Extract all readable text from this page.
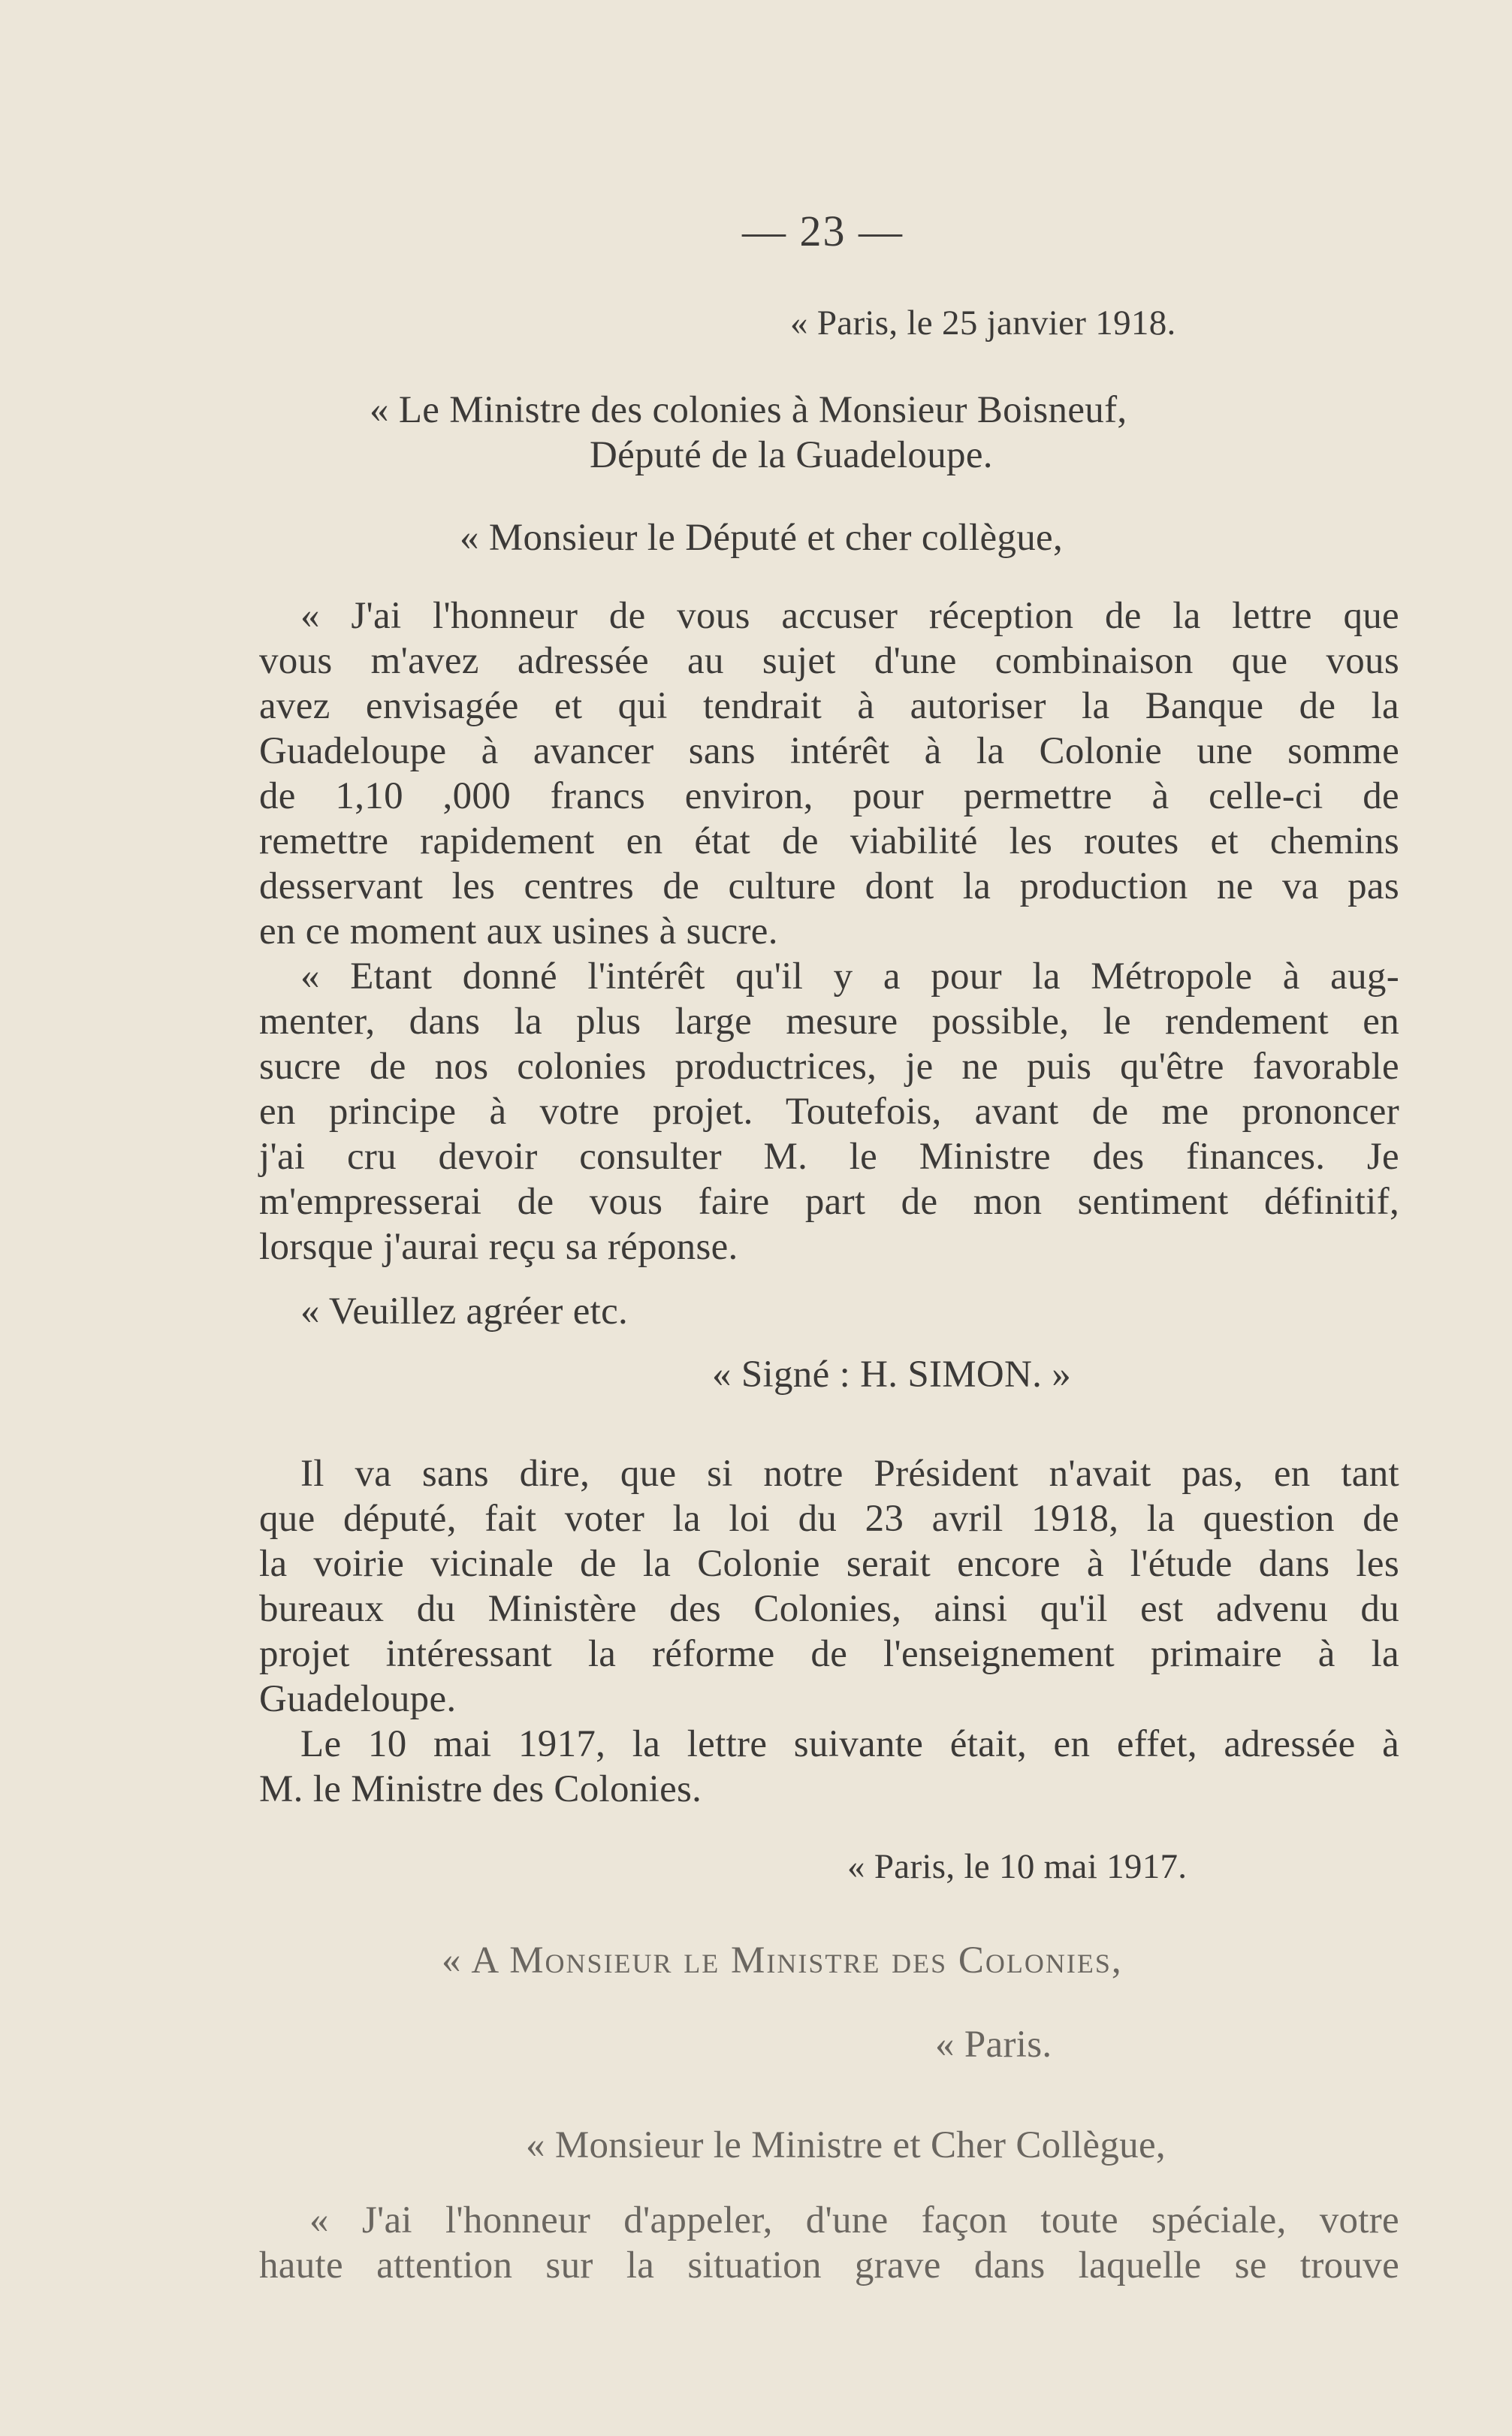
— 23 —

« Paris, le 25 janvier 1918.

« Le Ministre des colonies à Monsieur Boisneuf,

Député de la Guadeloupe.

« Monsieur le Député et cher collègue,

« J'ai l'honneur de vous accuser réception de la lettre que

vous m'avez adressée au sujet d'une combinaison que vous

avez envisagée et qui tendrait à autoriser la Banque de la

Guadeloupe à avancer sans intérêt à la Colonie une somme

de 1,10 ,000 francs environ, pour permettre à celle-ci de

remettre rapidement en état de viabilité les routes et chemins

desservant les centres de culture dont la production ne va pas

en ce moment aux usines à sucre.

« Etant donné l'intérêt qu'il y a pour la Métropole à aug-

menter, dans la plus large mesure possible, le rendement en

sucre de nos colonies productrices, je ne puis qu'être favorable

en principe à votre projet. Toutefois, avant de me prononcer

j'ai cru devoir consulter M. le Ministre des finances. Je

m'empresserai de vous faire part de mon sentiment définitif,

lorsque j'aurai reçu sa réponse.

« Veuillez agréer etc.

« Signé : H. SIMON. »

Il va sans dire, que si notre Président n'avait pas, en tant

que député, fait voter la loi du 23 avril 1918, la question de

la voirie vicinale de la Colonie serait encore à l'étude dans les

bureaux du Ministère des Colonies, ainsi qu'il est advenu du

projet intéressant la réforme de l'enseignement primaire à la

Guadeloupe.

Le 10 mai 1917, la lettre suivante était, en effet, adressée à

M. le Ministre des Colonies.

« Paris, le 10 mai 1917.

« A Monsieur le Ministre des Colonies,

« Paris.

« Monsieur le Ministre et Cher Collègue,

« J'ai l'honneur d'appeler, d'une façon toute spéciale, votre

haute attention sur la situation grave dans laquelle se trouve
